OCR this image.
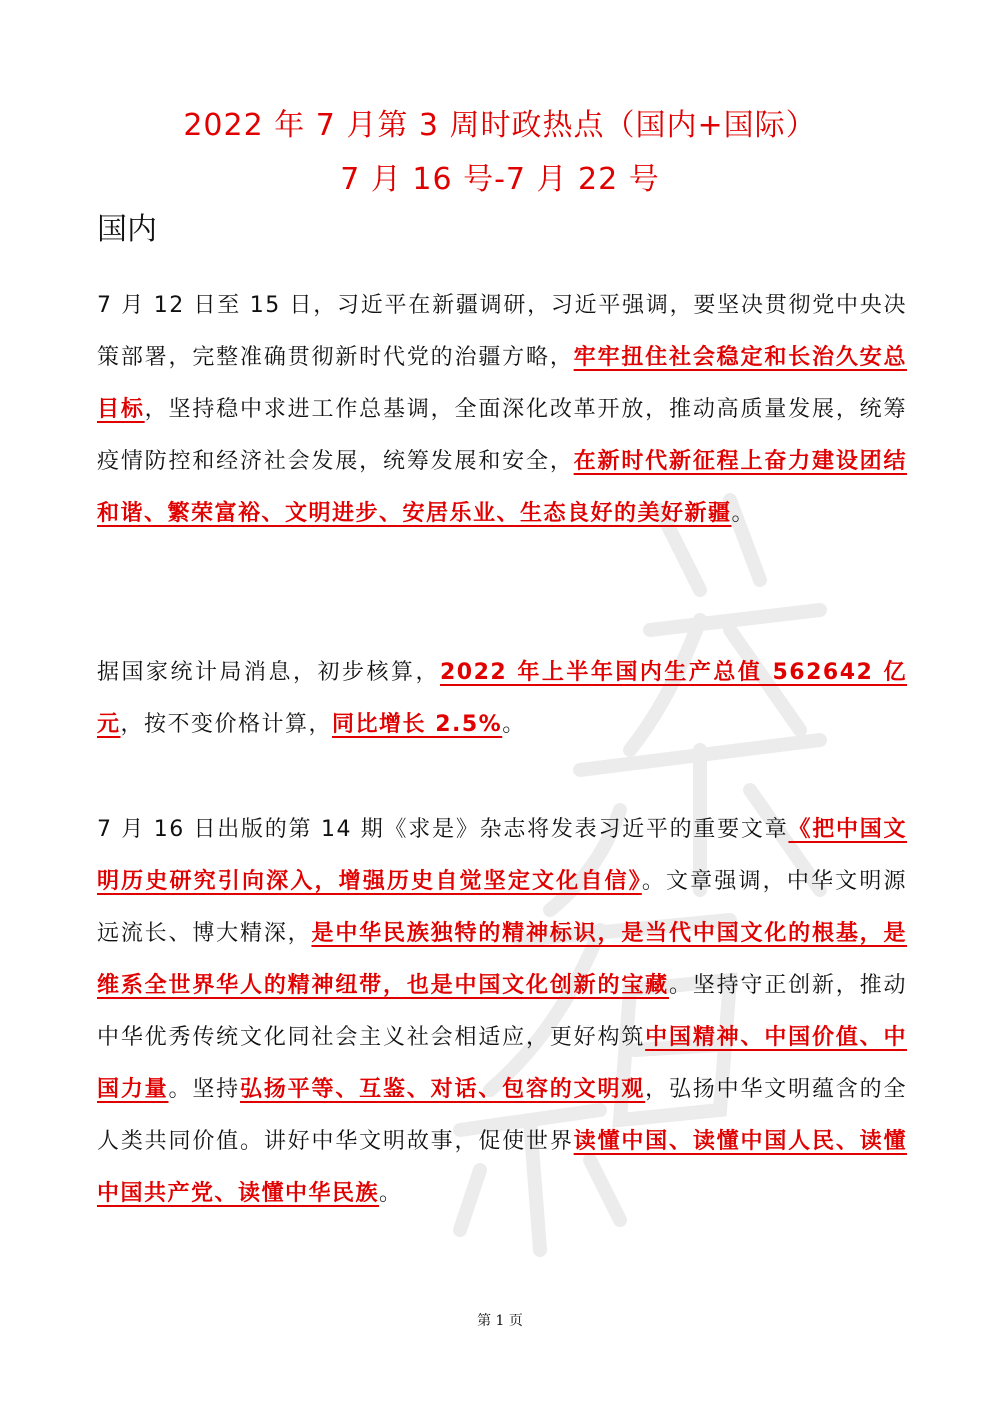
2022 年 7 月第 3 周时政热点（国内+国际）
7 月 16 号-7 月 22 号
国内
7 月 12 日至 15 日，习近平在新疆调研，习近平强调，要坚决贯彻党中央决策部署，完整准确贯彻新时代党的治疆方略，牢牢扭住社会稳定和长治久安总目标，坚持稳中求进工作总基调，全面深化改革开放，推动高质量发展，统筹疫情防控和经济社会发展，统筹发展和安全，在新时代新征程上奋力建设团结和谐、繁荣富裕、文明进步、安居乐业、生态良好的美好新疆。
据国家统计局消息，初步核算，2022 年上半年国内生产总值 562642 亿元，按不变价格计算，同比增长 2.5%。
7 月 16 日出版的第 14 期《求是》杂志将发表习近平的重要文章《把中国文明历史研究引向深入，增强历史自觉坚定文化自信》。文章强调，中华文明源远流长、博大精深，是中华民族独特的精神标识，是当代中国文化的根基，是维系全世界华人的精神纽带，也是中国文化创新的宝藏。坚持守正创新，推动中华优秀传统文化同社会主义社会相适应，更好构筑中国精神、中国价值、中国力量。坚持弘扬平等、互鉴、对话、包容的文明观，弘扬中华文明蕴含的全人类共同价值。讲好中华文明故事，促使世界读懂中国、读懂中国人民、读懂中国共产党、读懂中华民族。
第 1 页
